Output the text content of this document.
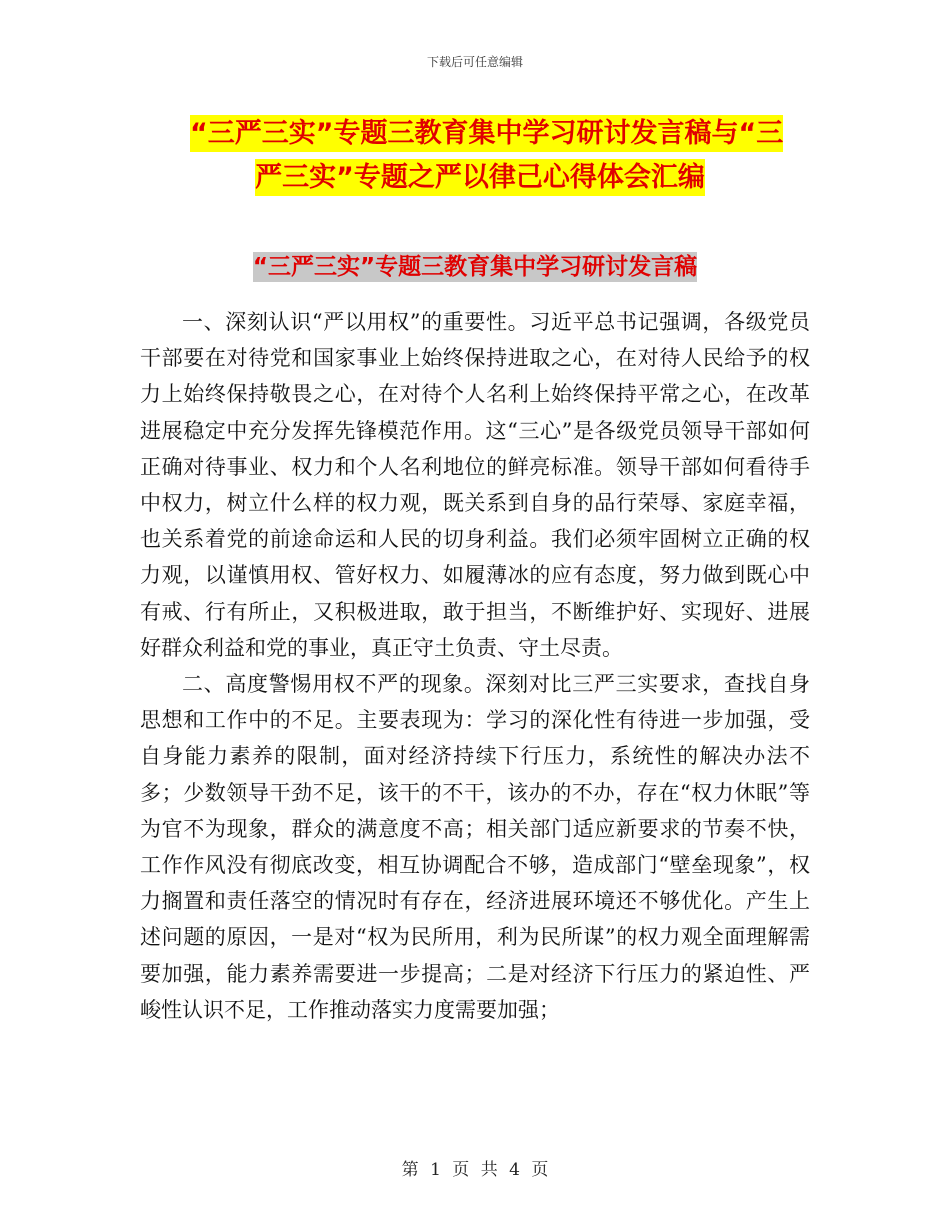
下载后可任意编辑
“三严三实”专题三教育集中学习研讨发言稿与“三
严三实”专题之严以律己心得体会汇编
“三严三实”专题三教育集中学习研讨发言稿

一、深刻认识“严以用权”的重要性。习近平总书记强调，各级党员干部要在对待党和国家事业上始终保持进取之心，在对待人民给予的权力上始终保持敬畏之心，在对待个人名利上始终保持平常之心，在改革进展稳定中充分发挥先锋模范作用。这“三心”是各级党员领导干部如何正确对待事业、权力和个人名利地位的鲜亮标准。领导干部如何看待手中权力，树立什么样的权力观，既关系到自身的品行荣辱、家庭幸福，也关系着党的前途命运和人民的切身利益。我们必须牢固树立正确的权力观，以谨慎用权、管好权力、如履薄冰的应有态度，努力做到既心中有戒、行有所止，又积极进取，敢于担当，不断维护好、实现好、进展好群众利益和党的事业，真正守土负责、守土尽责。

二、高度警惕用权不严的现象。深刻对比三严三实要求，查找自身思想和工作中的不足。主要表现为：学习的深化性有待进一步加强，受自身能力素养的限制，面对经济持续下行压力，系统性的解决办法不多；少数领导干劲不足，该干的不干，该办的不办，存在“权力休眠”等为官不为现象，群众的满意度不高；相关部门适应新要求的节奏不快，工作作风没有彻底改变，相互协调配合不够，造成部门“壁垒现象”，权力搁置和责任落空的情况时有存在，经济进展环境还不够优化。产生上述问题的原因，一是对“权为民所用，利为民所谋”的权力观全面理解需要加强，能力素养需要进一步提高；二是对经济下行压力的紧迫性、严峻性认识不足，工作推动落实力度需要加强；

第 1 页 共 4 页
